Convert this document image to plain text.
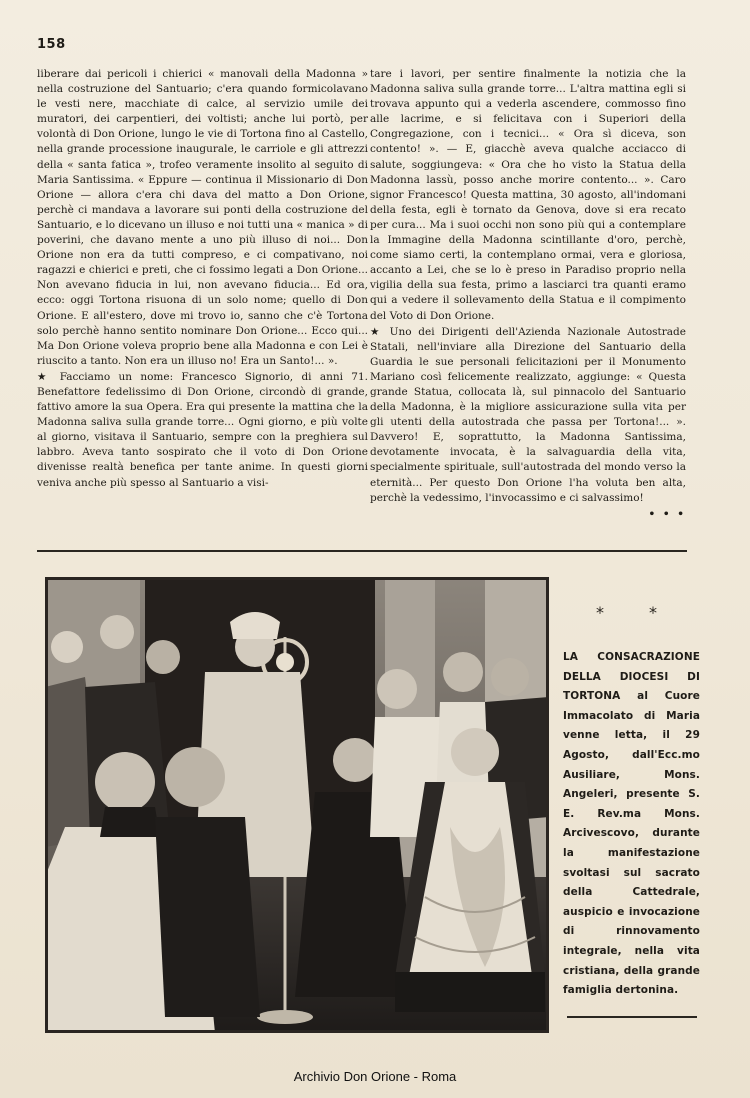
158

liberare dai pericoli i chierici « manovali della Madonna » nella costruzione del Santuario; c'era quando formicolavano le vesti nere, macchiate di calce, al servizio umile dei muratori, dei carpentieri, dei voltisti; anche lui portò, per volontà di Don Orione, lungo le vie di Tortona fino al Castello, nella grande processione inaugurale, le carriole e gli attrezzi della « santa fatica », trofeo veramente insolito al seguito di Maria Santissima. « Eppure — continua il Missionario di Don Orione — allora c'era chi dava del matto a Don Orione, perchè ci mandava a lavorare sui ponti della costruzione del Santuario, e lo dicevano un illuso e noi tutti una « manica » di poverini, che davano mente a uno più illuso di noi... Don Orione non era da tutti compreso, e ci compativano, noi ragazzi e chierici e preti, che ci fossimo legati a Don Orione... Non avevano fiducia in lui, non avevano fiducia... Ed ora, ecco: oggi Tortona risuona di un solo nome; quello di Don Orione. E all'estero, dove mi trovo io, sanno che c'è Tortona solo perchè hanno sentito nominare Don Orione... Ecco qui... Ma Don Orione voleva proprio bene alla Madonna e con Lei è riuscito a tanto. Non era un illuso no! Era un Santo!... ».

★ Facciamo un nome: Francesco Signorio, di anni 71. Benefattore fedelissimo di Don Orione, circondò di grande, fattivo amore la sua Opera. Era qui presente la mattina che la Madonna saliva sulla grande torre... Ogni giorno, e più volte al giorno, visitava il Santuario, sempre con la preghiera sul labbro. Aveva tanto sospirato che il voto di Don Orione divenisse realtà benefica per tante anime. In questi giorni veniva anche più spesso al Santuario a visi-

tare i lavori, per sentire finalmente la notizia che la Madonna saliva sulla grande torre... L'altra mattina egli si trovava appunto qui a vederla ascendere, commosso fino alle lacrime, e si felicitava con i Superiori della Congregazione, con i tecnici... « Ora sì diceva, son contento! ». — E, giacchè aveva qualche acciacco di salute, soggiungeva: « Ora che ho visto la Statua della Madonna lassù, posso anche morire contento... ». Caro signor Francesco! Questa mattina, 30 agosto, all'indomani della festa, egli è tornato da Genova, dove si era recato per cura... Ma i suoi occhi non sono più qui a contemplare la Immagine della Madonna scintillante d'oro, perchè, come siamo certi, la contemplano ormai, vera e gloriosa, accanto a Lei, che se lo è preso in Paradiso proprio nella vigilia della sua festa, primo a lasciarci tra quanti eramo qui a vedere il sollevamento della Statua e il compimento del Voto di Don Orione.

★ Uno dei Dirigenti dell'Azienda Nazionale Autostrade Statali, nell'inviare alla Direzione del Santuario della Guardia le sue personali felicitazioni per il Monumento Mariano così felicemente realizzato, aggiunge: « Questa grande Statua, collocata là, sul pinnacolo del Santuario della Madonna, è la migliore assicurazione sulla vita per gli utenti della autostrada che passa per Tortona!... ». Davvero! E, soprattutto, la Madonna Santissima, devotamente invocata, è la salvaguardia della vita, specialmente spirituale, sull'autostrada del mondo verso la eternità... Per questo Don Orione l'ha voluta ben alta, perchè la vedessimo, l'invocassimo e ci salvassimo!

• • •

* *

LA CONSACRAZIONE DELLA DIOCESI DI TORTONA al Cuore Immacolato di Maria venne letta, il 29 Agosto, dall'Ecc.mo Ausiliare, Mons. Angeleri, presente S. E. Rev.ma Mons. Arcivescovo, durante la manifestazione svoltasi sul sacrato della Cattedrale, auspicio e invocazione di rinnovamento integrale, nella vita cristiana, della grande famiglia dertonina.

Archivio Don Orione - Roma
